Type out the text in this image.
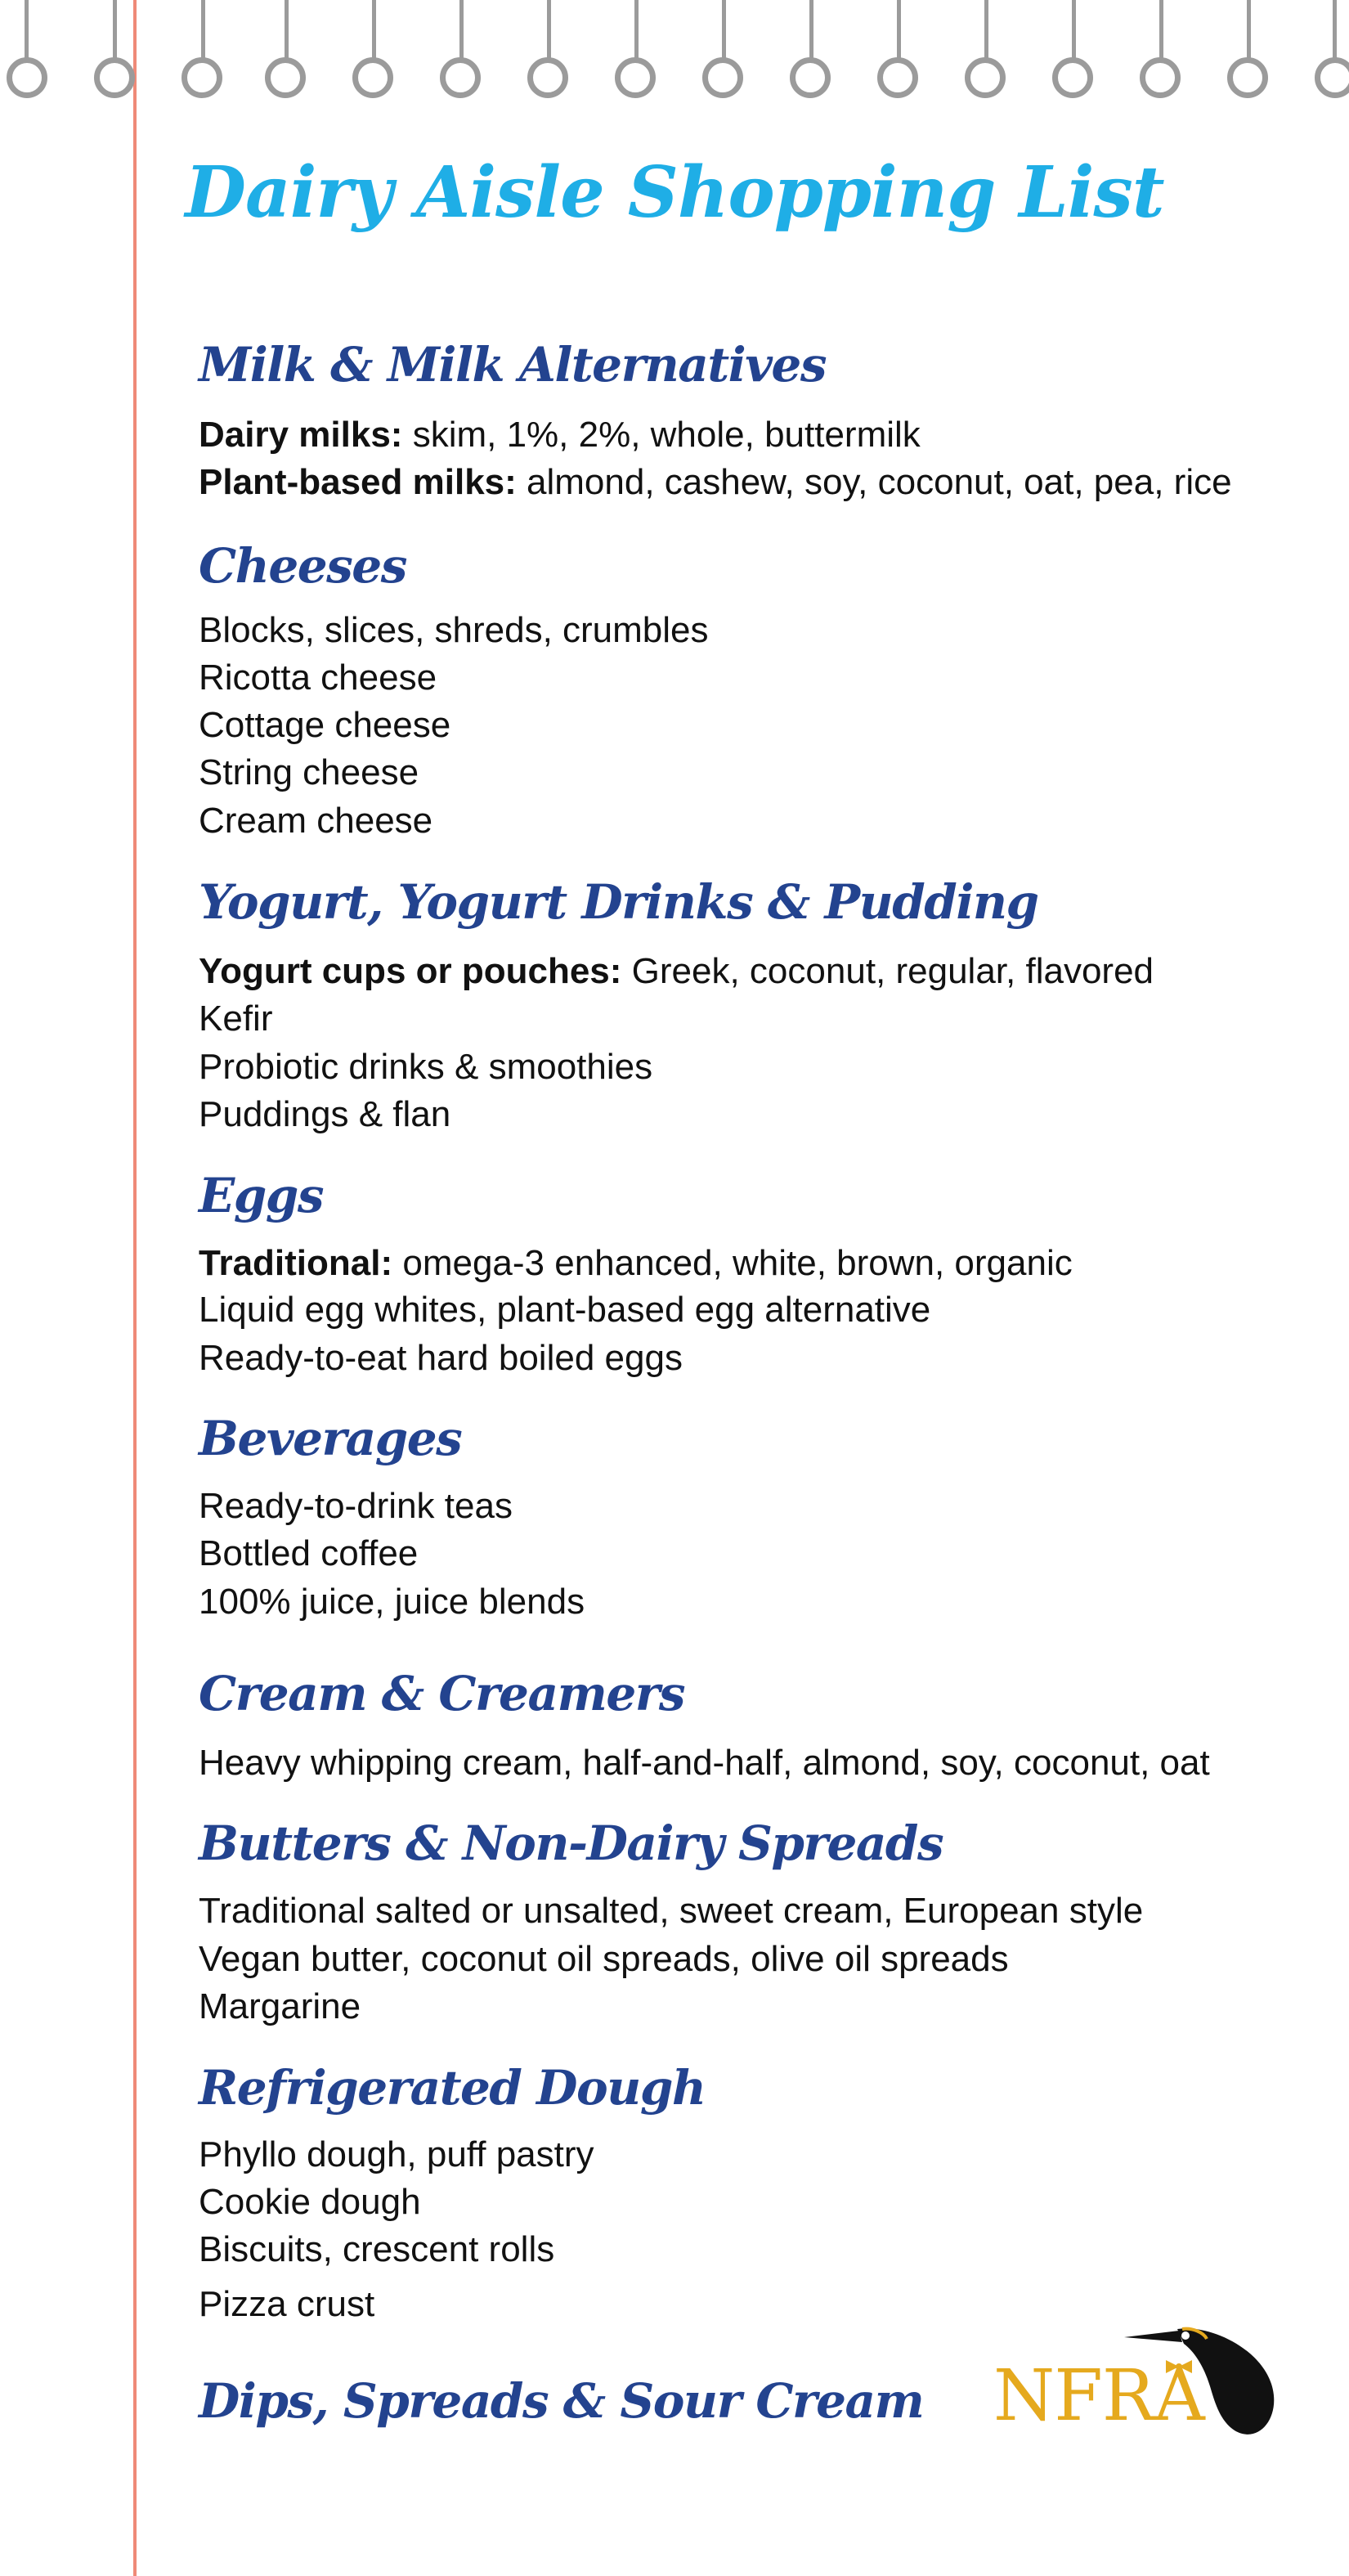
Dairy Aisle Shopping List
Milk & Milk Alternatives

Dairy milks: skim, 1%, 2%, whole, buttermilk

Plant-based milks: almond, cashew, soy, coconut, oat, pea, rice

Cheeses

Blocks, slices, shreds, crumbles

Ricotta cheese

Cottage cheese

String cheese

Cream cheese

Yogurt, Yogurt Drinks & Pudding

Yogurt cups or pouches: Greek, coconut, regular, flavored

Kefir

Probiotic drinks & smoothies

Puddings & flan

Eggs

Traditional: omega-3 enhanced, white, brown, organic

Liquid egg whites, plant-based egg alternative

Ready-to-eat hard boiled eggs

Beverages

Ready-to-drink teas

Bottled coffee

100% juice, juice blends

Cream & Creamers

Heavy whipping cream, half-and-half, almond, soy, coconut, oat

Butters & Non-Dairy Spreads

Traditional salted or unsalted, sweet cream, European style

Vegan butter, coconut oil spreads, olive oil spreads

Margarine

Refrigerated Dough

Phyllo dough, puff pastry

Cookie dough

Biscuits, crescent rolls

Pizza crust

Dips, Spreads & Sour Cream NFRA
